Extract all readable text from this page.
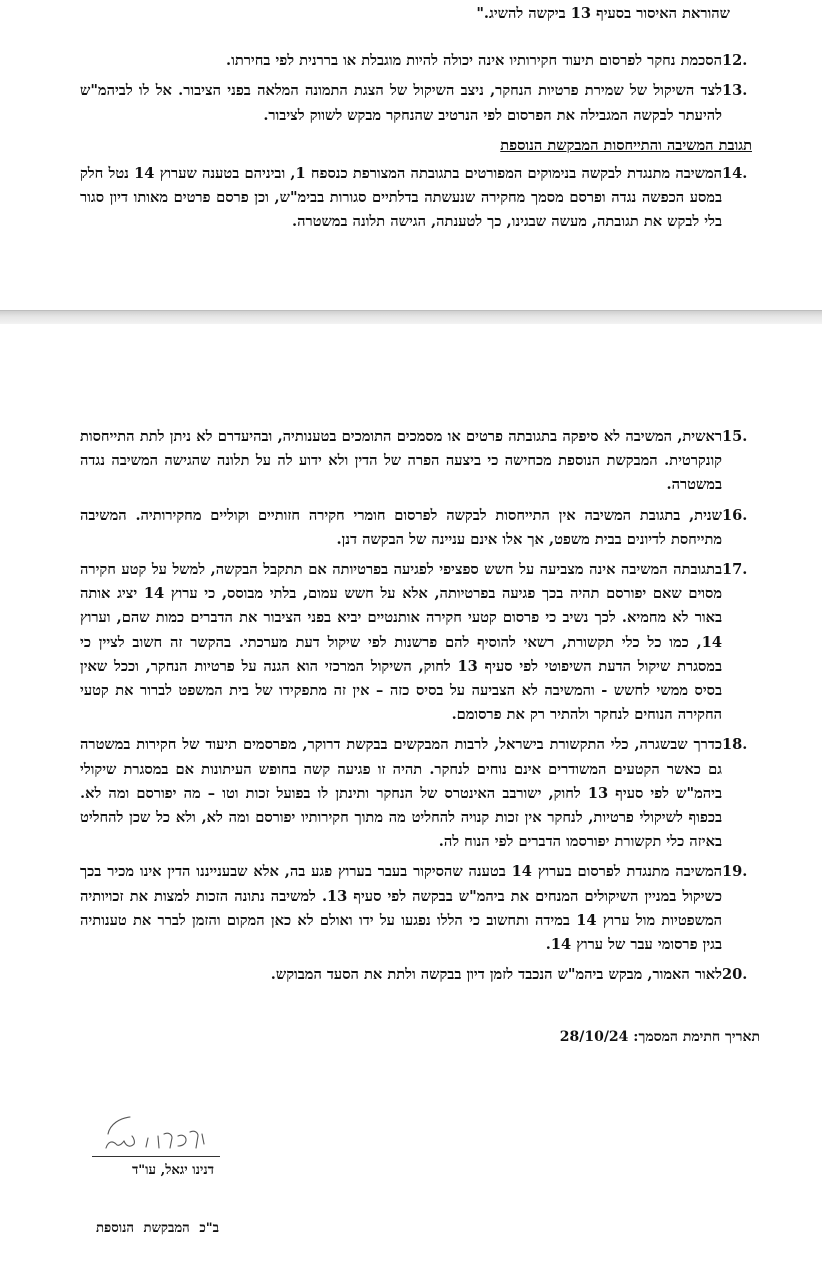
שהוראת האיסור בסעיף 13 ביקשה להשיג."
12.
הסכמת נחקר לפרסום תיעוד חקירותיו אינה יכולה להיות מוגבלת או בררנית לפי בחירתו.
13.
לצד השיקול של שמירת פרטיות הנחקר, ניצב השיקול של הצגת התמונה המלאה בפני הציבור. אל לו לביהמ"ש להיעתר לבקשה המגבילה את הפרסום לפי הנרטיב שהנחקר מבקש לשווק לציבור.
תגובת המשיבה והתייחסות המבקשת הנוספת
14.
המשיבה מתנגדת לבקשה בנימוקים המפורטים בתגובתה המצורפת כנספח 1, וביניהם בטענה שערוץ 14 נטל חלק במסע הכפשה נגדה ופרסם מסמך מחקירה שנעשתה בדלתיים סגורות בבימ"ש, וכן פרסם פרטים מאותו דיון סגור בלי לבקש את תגובתה, מעשה שבגינו, כך לטענתה, הגישה תלונה במשטרה.
15.
ראשית, המשיבה לא סיפקה בתגובתה פרטים או מסמכים התומכים בטענותיה, ובהיעדרם לא ניתן לתת התייחסות קונקרטית. המבקשת הנוספת מכחישה כי ביצעה הפרה של הדין ולא ידוע לה על תלונה שהגישה המשיבה נגדה במשטרה.
16.
שנית, בתגובת המשיבה אין התייחסות לבקשה לפרסום חומרי חקירה חזותיים וקוליים מחקירותיה. המשיבה מתייחסת לדיונים בבית משפט, אך אלו אינם עניינה של הבקשה דנן.
17.
בתגובתה המשיבה אינה מצביעה על חשש ספציפי לפגיעה בפרטיותה אם תתקבל הבקשה, למשל על קטע חקירה מסוים שאם יפורסם תהיה בכך פגיעה בפרטיותה, אלא על חשש עמום, בלתי מבוסס, כי ערוץ 14 יציג אותה באור לא מחמיא. לכך נשיב כי פרסום קטעי חקירה אותנטיים יביא בפני הציבור את הדברים כמות שהם, וערוץ 14, כמו כל כלי תקשורת, רשאי להוסיף להם פרשנות לפי שיקול דעת מערכתי. בהקשר זה חשוב לציין כי במסגרת שיקול הדעת השיפוטי לפי סעיף 13 לחוק, השיקול המרכזי הוא הגנה על פרטיות הנחקר, וככל שאין בסיס ממשי לחשש - והמשיבה לא הצביעה על בסיס כזה – אין זה מתפקידו של בית המשפט לברור את קטעי החקירה הנוחים לנחקר ולהתיר רק את פרסומם.
18.
כדרך שבשגרה, כלי התקשורת בישראל, לרבות המבקשים בבקשת דרוקר, מפרסמים תיעוד של חקירות במשטרה גם כאשר הקטעים המשודרים אינם נוחים לנחקר. תהיה זו פגיעה קשה בחופש העיתונות אם במסגרת שיקולי ביהמ"ש לפי סעיף 13 לחוק, ישורבב האינטרס של הנחקר ותינתן לו בפועל זכות וטו – מה יפורסם ומה לא. בכפוף לשיקולי פרטיות, לנחקר אין זכות קנויה להחליט מה מתוך חקירותיו יפורסם ומה לא, ולא כל שכן להחליט באיזה כלי תקשורת יפורסמו הדברים לפי הנוח לה.
19.
המשיבה מתנגדת לפרסום בערוץ 14 בטענה שהסיקור בעבר בערוץ פגע בה, אלא שבענייננו הדין אינו מכיר בכך כשיקול במניין השיקולים המנחים את ביהמ"ש בבקשה לפי סעיף 13. למשיבה נתונה הזכות למצות את זכויותיה המשפטיות מול ערוץ 14 במידה ותחשוב כי הללו נפגעו על ידו ואולם לא כאן המקום והזמן לברר את טענותיה בגין פרסומי עבר של ערוץ 14.
20.
לאור האמור, מבקש ביהמ"ש הנכבד לזמן דיון בבקשה ולתת את הסעד המבוקש.
תאריך חתימת המסמך: 28/10/24
דנינו יגאל, עו"ד
ב"כ המבקשת הנוספת
